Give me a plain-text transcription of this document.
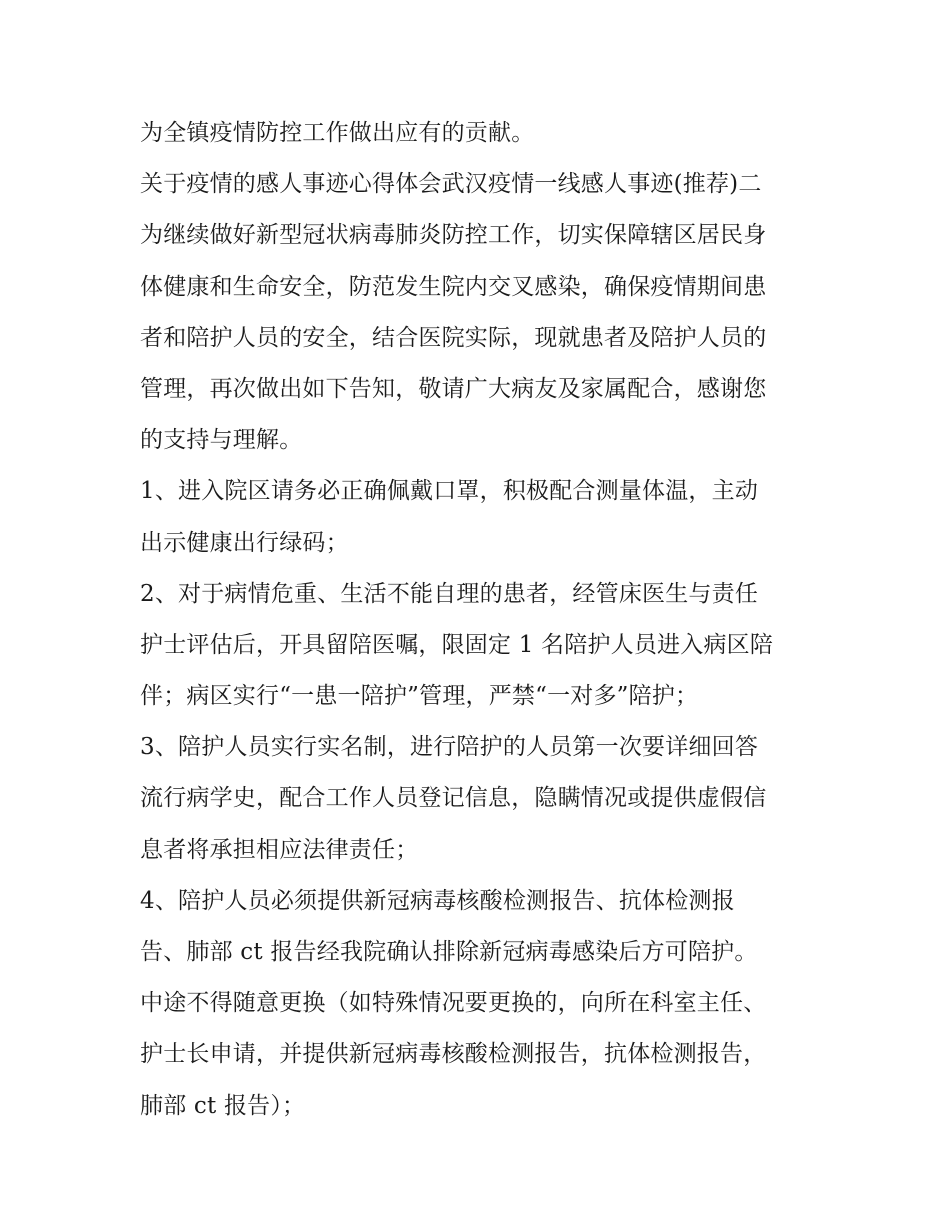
为全镇疫情防控工作做出应有的贡献。
关于疫情的感人事迹心得体会武汉疫情一线感人事迹(推荐)二
为继续做好新型冠状病毒肺炎防控工作，切实保障辖区居民身
体健康和生命安全，防范发生院内交叉感染，确保疫情期间患
者和陪护人员的安全，结合医院实际，现就患者及陪护人员的
管理，再次做出如下告知，敬请广大病友及家属配合，感谢您
的支持与理解。
1、进入院区请务必正确佩戴口罩，积极配合测量体温，主动
出示健康出行绿码；
2、对于病情危重、生活不能自理的患者，经管床医生与责任
护士评估后，开具留陪医嘱，限固定 1 名陪护人员进入病区陪
伴；病区实行“一患一陪护”管理，严禁“一对多”陪护；
3、陪护人员实行实名制，进行陪护的人员第一次要详细回答
流行病学史，配合工作人员登记信息，隐瞒情况或提供虚假信
息者将承担相应法律责任；
4、陪护人员必须提供新冠病毒核酸检测报告、抗体检测报
告、肺部 ct 报告经我院确认排除新冠病毒感染后方可陪护。
中途不得随意更换（如特殊情况要更换的，向所在科室主任、
护士长申请，并提供新冠病毒核酸检测报告，抗体检测报告，
肺部 ct 报告）；
